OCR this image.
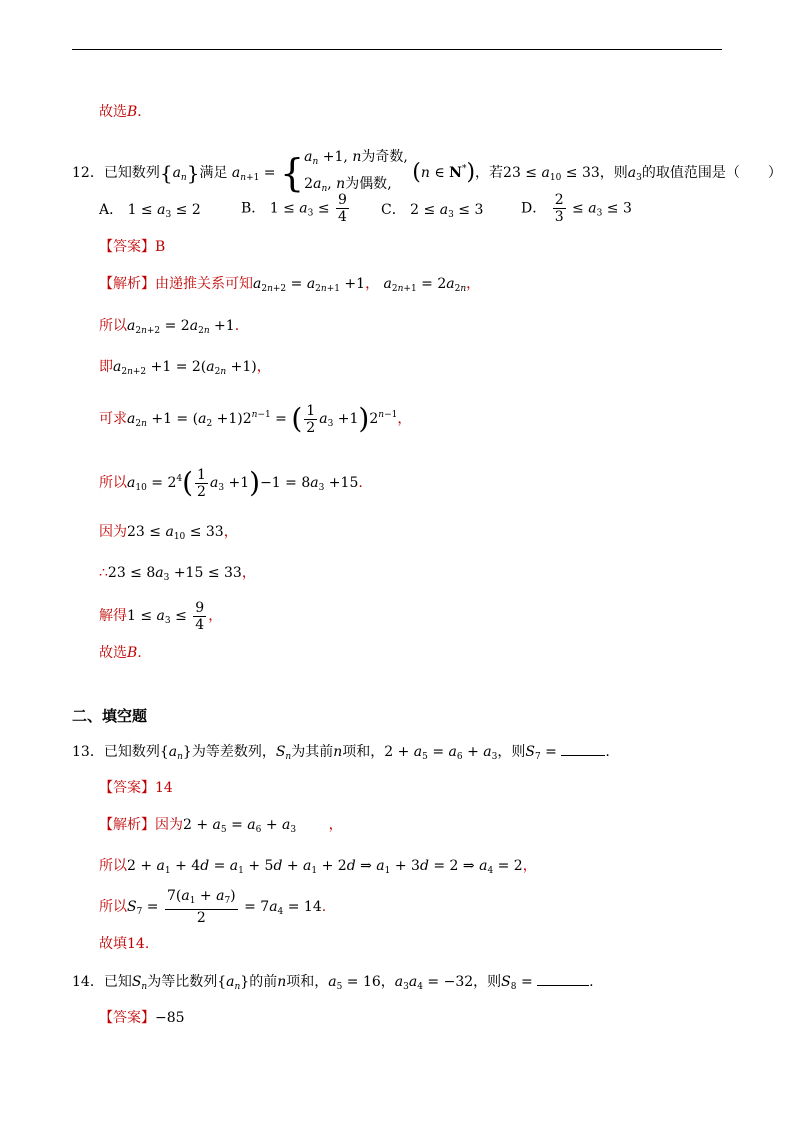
故选B．
12．已知数列$\{a_n\}$满足 $a_{n+1}$ = { $a_n +1$, n为奇数,
$2a_n$, n为偶数, (n ∈ N*)，若$23 \le a_{10} \le 33$，则$a_3$的取值范围是（　　）
A． $1 \le a_3 \le 2$	B． $1 \le a_3 \le \frac{9}{4}$ C． $2 \le a_3 \le 3$	D． $\frac{2}{3} \le a_3 \le 3$
【答案】B
【解析】由递推关系可知$a_{2n+2} = a_{2n+1} +1$， $a_{2n+1} = 2a_{2n}$，
所以$a_{2n+2} = 2a_{2n} +1$.
即$a_{2n+2} +1 = 2(a_{2n} +1)$，
可求$a_{2n} +1 = (a_2 +1)2^{n-1}$ = ( $\frac{1}{2} a_3 +1)2^{n-1}$，
所以$a_{10} = 2^4( \frac{1}{2} a_3 +1)-1 = 8a_3 +15$.
因为$23 \le a_{10} \le 33$，
∴23 ≤ $8a_3 +15 \le 33$，
解得$1 \le a_3 \le \frac{9}{4}$ ，
故选B.
二、填空题
13．已知数列$\{a_n\}$为等差数列，$S_n$为其前n项和，$2 + a_5 = a_6 + a_3$，则$S_7$ =	.
【答案】14
【解析】因为$2 + a_5 = a_6 + a_3$ ，
所以$2 + a_1 + 4d = a_1 + 5d + a_1 + 2d$ ⇒ $a_1 + 3d = 2$ ⇒ $a_4 = 2$，
所以$S_7 = \frac{7(a_1 + a_7)}{2} = 7a_4 = 14$.
故填14.
14．已知$S_n$为等比数列$\{a_n\}$的前n项和，$a_5 = 16$，$a_3a_4 = -32$，则$S_8$ =	.
【答案】−85
